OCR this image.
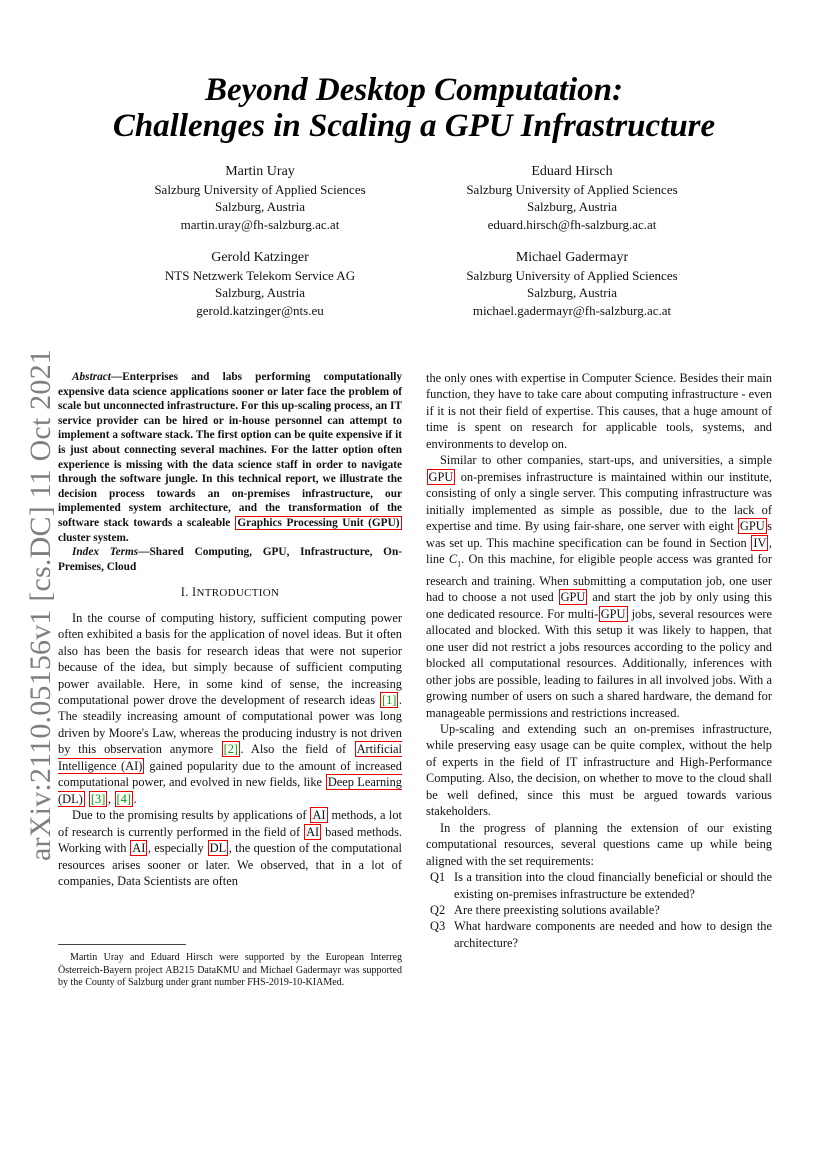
Beyond Desktop Computation:
Challenges in Scaling a GPU Infrastructure
Martin Uray
Salzburg University of Applied Sciences
Salzburg, Austria
martin.uray@fh-salzburg.ac.at
Eduard Hirsch
Salzburg University of Applied Sciences
Salzburg, Austria
eduard.hirsch@fh-salzburg.ac.at
Gerold Katzinger
NTS Netzwerk Telekom Service AG
Salzburg, Austria
gerold.katzinger@nts.eu
Michael Gadermayr
Salzburg University of Applied Sciences
Salzburg, Austria
michael.gadermayr@fh-salzburg.ac.at
arXiv:2110.05156v1 [cs.DC] 11 Oct 2021	Abstract—Enterprises and labs performing computationally expensive data science applications sooner or later face the problem of scale but unconnected infrastructure. For this up-scaling process, an IT service provider can be hired or in-house personnel can attempt to implement a software stack. The first option can be quite expensive if it is just about connecting several machines. For the latter option often experience is missing with the data science staff in order to navigate through the software jungle. In this technical report, we illustrate the decision process towards an on-premises infrastructure, our implemented system architecture, and the transformation of the software stack towards a scaleable Graphics Processing Unit (GPU) cluster system.

Index Terms—Shared Computing, GPU, Infrastructure, On-Premises, Cloud

I. INTRODUCTION

In the course of computing history, sufficient computing power often exhibited a basis for the application of novel ideas. But it often also has been the basis for research ideas that were not superior because of the idea, but simply because of sufficient computing power available. Here, in some kind of sense, the increasing computational power drove the development of research ideas [1] . The steadily increasing amount of computational power was long driven by Moore's Law, whereas the producing industry is not driven by this observation anymore [2] . Also the field of Artificial Intelligence (AI) gained popularity due to the amount of increased computational power, and evolved in new fields, like Deep Learning (DL) [3] , [4] .

Due to the promising results by applications of AI methods, a lot of research is currently performed in the field of AI based methods. Working with AI , especially DL , the question of the computational resources arises sooner or later. We observed, that in a lot of companies, Data Scientists are often

Martin Uray and Eduard Hirsch were supported by the European Interreg Österreich-Bayern project AB215 DataKMU and Michael Gadermayr was supported by the County of Salzburg under grant number FHS-2019-10-KIAMed.

the only ones with expertise in Computer Science. Besides their main function, they have to take care about computing infrastructure - even if it is not their field of expertise. This causes, that a huge amount of time is spent on research for applicable tools, systems, and environments to develop on.

Similar to other companies, start-ups, and universities, a simple GPU on-premises infrastructure is maintained within our institute, consisting of only a single server. This computing infrastructure was initially implemented as simple as possible, due to the lack of expertise and time. By using fair-share, one server with eight GPU s was set up. This machine specification can be found in Section IV , line $C_1$. On this machine, for eligible people access was granted for research and training. When submitting a computation job, one user had to choose a not used GPU and start the job by only using this one dedicated resource. For multi- GPU jobs, several resources were allocated and blocked. With this setup it was likely to happen, that one user did not restrict a jobs resources according to the policy and blocked all computational resources. Additionally, inferences with other jobs are possible, leading to failures in all involved jobs. With a growing number of users on such a shared hardware, the demand for manageable permissions and restrictions increased.

Up-scaling and extending such an on-premises infrastructure, while preserving easy usage can be quite complex, without the help of experts in the field of IT infrastructure and High-Performance Computing. Also, the decision, on whether to move to the cloud shall be well defined, since this must be argued towards various stakeholders.

In the progress of planning the extension of our existing computational resources, several questions came up while being aligned with the set requirements:

Q1 Is a transition into the cloud financially beneficial or should the existing on-premises infrastructure be extended?
Q2 Are there preexisting solutions available?
Q3 What hardware components are needed and how to design the architecture?
